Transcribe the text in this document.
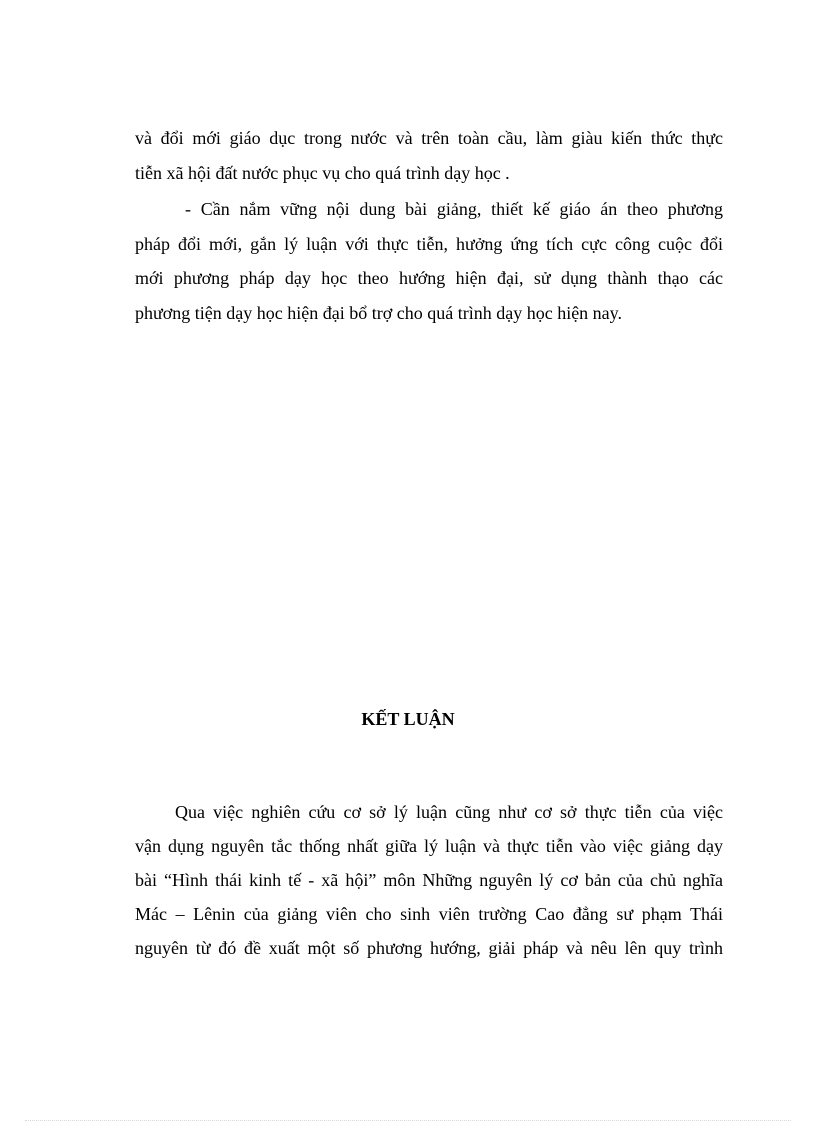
và đổi mới giáo dục trong nước và trên toàn cầu, làm giàu kiến thức thực
tiễn xã hội đất nước phục vụ cho quá trình dạy học .
- Cần nắm vững nội dung bài giảng, thiết kế giáo án theo phương
pháp đổi mới, gắn lý luận với thực tiễn, hưởng ứng tích cực công cuộc đổi
mới phương pháp dạy học theo hướng hiện đại, sử dụng thành thạo các
phương tiện dạy học hiện đại bổ trợ cho quá trình dạy học hiện nay.
KẾT LUẬN
Qua việc nghiên cứu cơ sở lý luận cũng như cơ sở thực tiễn của việc
vận dụng nguyên tắc thống nhất giữa lý luận và thực tiễn vào việc giảng dạy
bài “Hình thái kinh tế - xã hội” môn Những nguyên lý cơ bản của chủ nghĩa
Mác – Lênin của giảng viên cho sinh viên trường Cao đẳng sư phạm Thái
nguyên từ đó đề xuất một số phương hướng, giải pháp và nêu lên quy trình
